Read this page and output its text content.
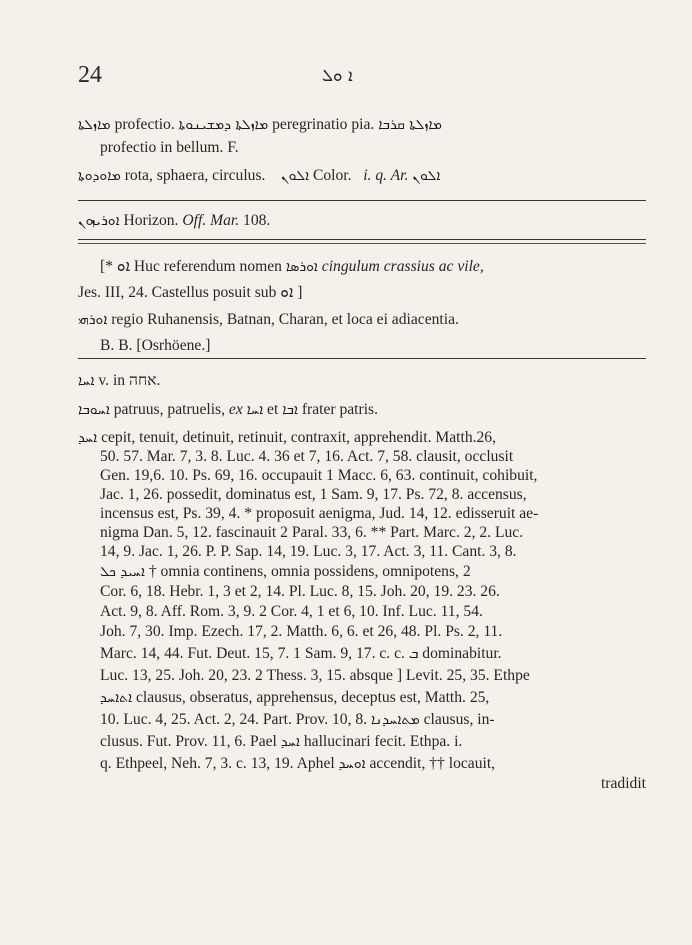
24	ܐ ܘܠ
ܡܐܙܠܬܐ profectio. ܡܐܙܠܬܐ ܕܡܫܝܢܘܬܐ peregrinatio pia. ܡܐܙܠܬܐ ܩܪܒܐ
profectio in bellum. F.
ܡܐܘܕܘܬܐ rota, sphaera, circulus. ܐܠܘܢ Color. i. q. Ar. ܐܠܘܢ
ܐܘܪܝܙܘܢ Horizon. Off. Mar. 108.
[* ܐܘ Huc referendum nomen ܐܘܪܣܐ cingulum crassius ac vile,
Jes. III, 24. Castellus posuit sub ܐܘ ]
ܐܘܪܗܝ regio Ruhanensis, Batnan, Charan, et loca ei adiacentia.
B. B. [Osrhöene.]
ܐܚܐ v. in אחה.
ܐܚܘܒܐ patruus, patruelis, ex ܐܚܐ et ܐܒܐ frater patris.
ܐܚܕ cepit, tenuit, detinuit, retinuit, contraxit, apprehendit. Matth.26,
50. 57. Mar. 7, 3. 8. Luc. 4. 36 et 7, 16. Act. 7, 58. clausit, occlusit
Gen. 19,6. 10. Ps. 69, 16. occupauit 1 Macc. 6, 63. continuit, cohibuit,
Jac. 1, 26. possedit, dominatus est, 1 Sam. 9, 17. Ps. 72, 8. accensus,
incensus est, Ps. 39, 4. * proposuit aenigma, Jud. 14, 12. edisseruit ae-
nigma Dan. 5, 12. fascinauit 2 Paral. 33, 6. ** Part. Marc. 2, 2. Luc.
14, 9. Jac. 1, 26. P. P. Sap. 14, 19. Luc. 3, 17. Act. 3, 11. Cant. 3, 8.
ܐܚܝܕ ܟܠ † omnia continens, omnia possidens, omnipotens, 2
Cor. 6, 18. Hebr. 1, 3 et 2, 14. Pl. Luc. 8, 15. Joh. 20, 19. 23. 26.
Act. 9, 8. Aff. Rom. 3, 9. 2 Cor. 4, 1 et 6, 10. Inf. Luc. 11, 54.
Joh. 7, 30. Imp. Ezech. 17, 2. Matth. 6, 6. et 26, 48. Pl. Ps. 2, 11.
Marc. 14, 44. Fut. Deut. 15, 7. 1 Sam. 9, 17. c. c. ܒ dominabitur.
Luc. 13, 25. Joh. 20, 23. 2 Thess. 3, 15. absque ] Levit. 25, 35. Ethpe
ܐܬܐܚܕ clausus, obseratus, apprehensus, deceptus est, Matth. 25,
10. Luc. 4, 25. Act. 2, 24. Part. Prov. 10, 8. ܡܬܐܚܕܢܐ clausus, in-
clusus. Fut. Prov. 11, 6. Pael ܐܚܕ hallucinari fecit. Ethpa. i.
q. Ethpeel, Neh. 7, 3. c. 13, 19. Aphel ܐܘܚܕ accendit, †† locauit,
tradidit
